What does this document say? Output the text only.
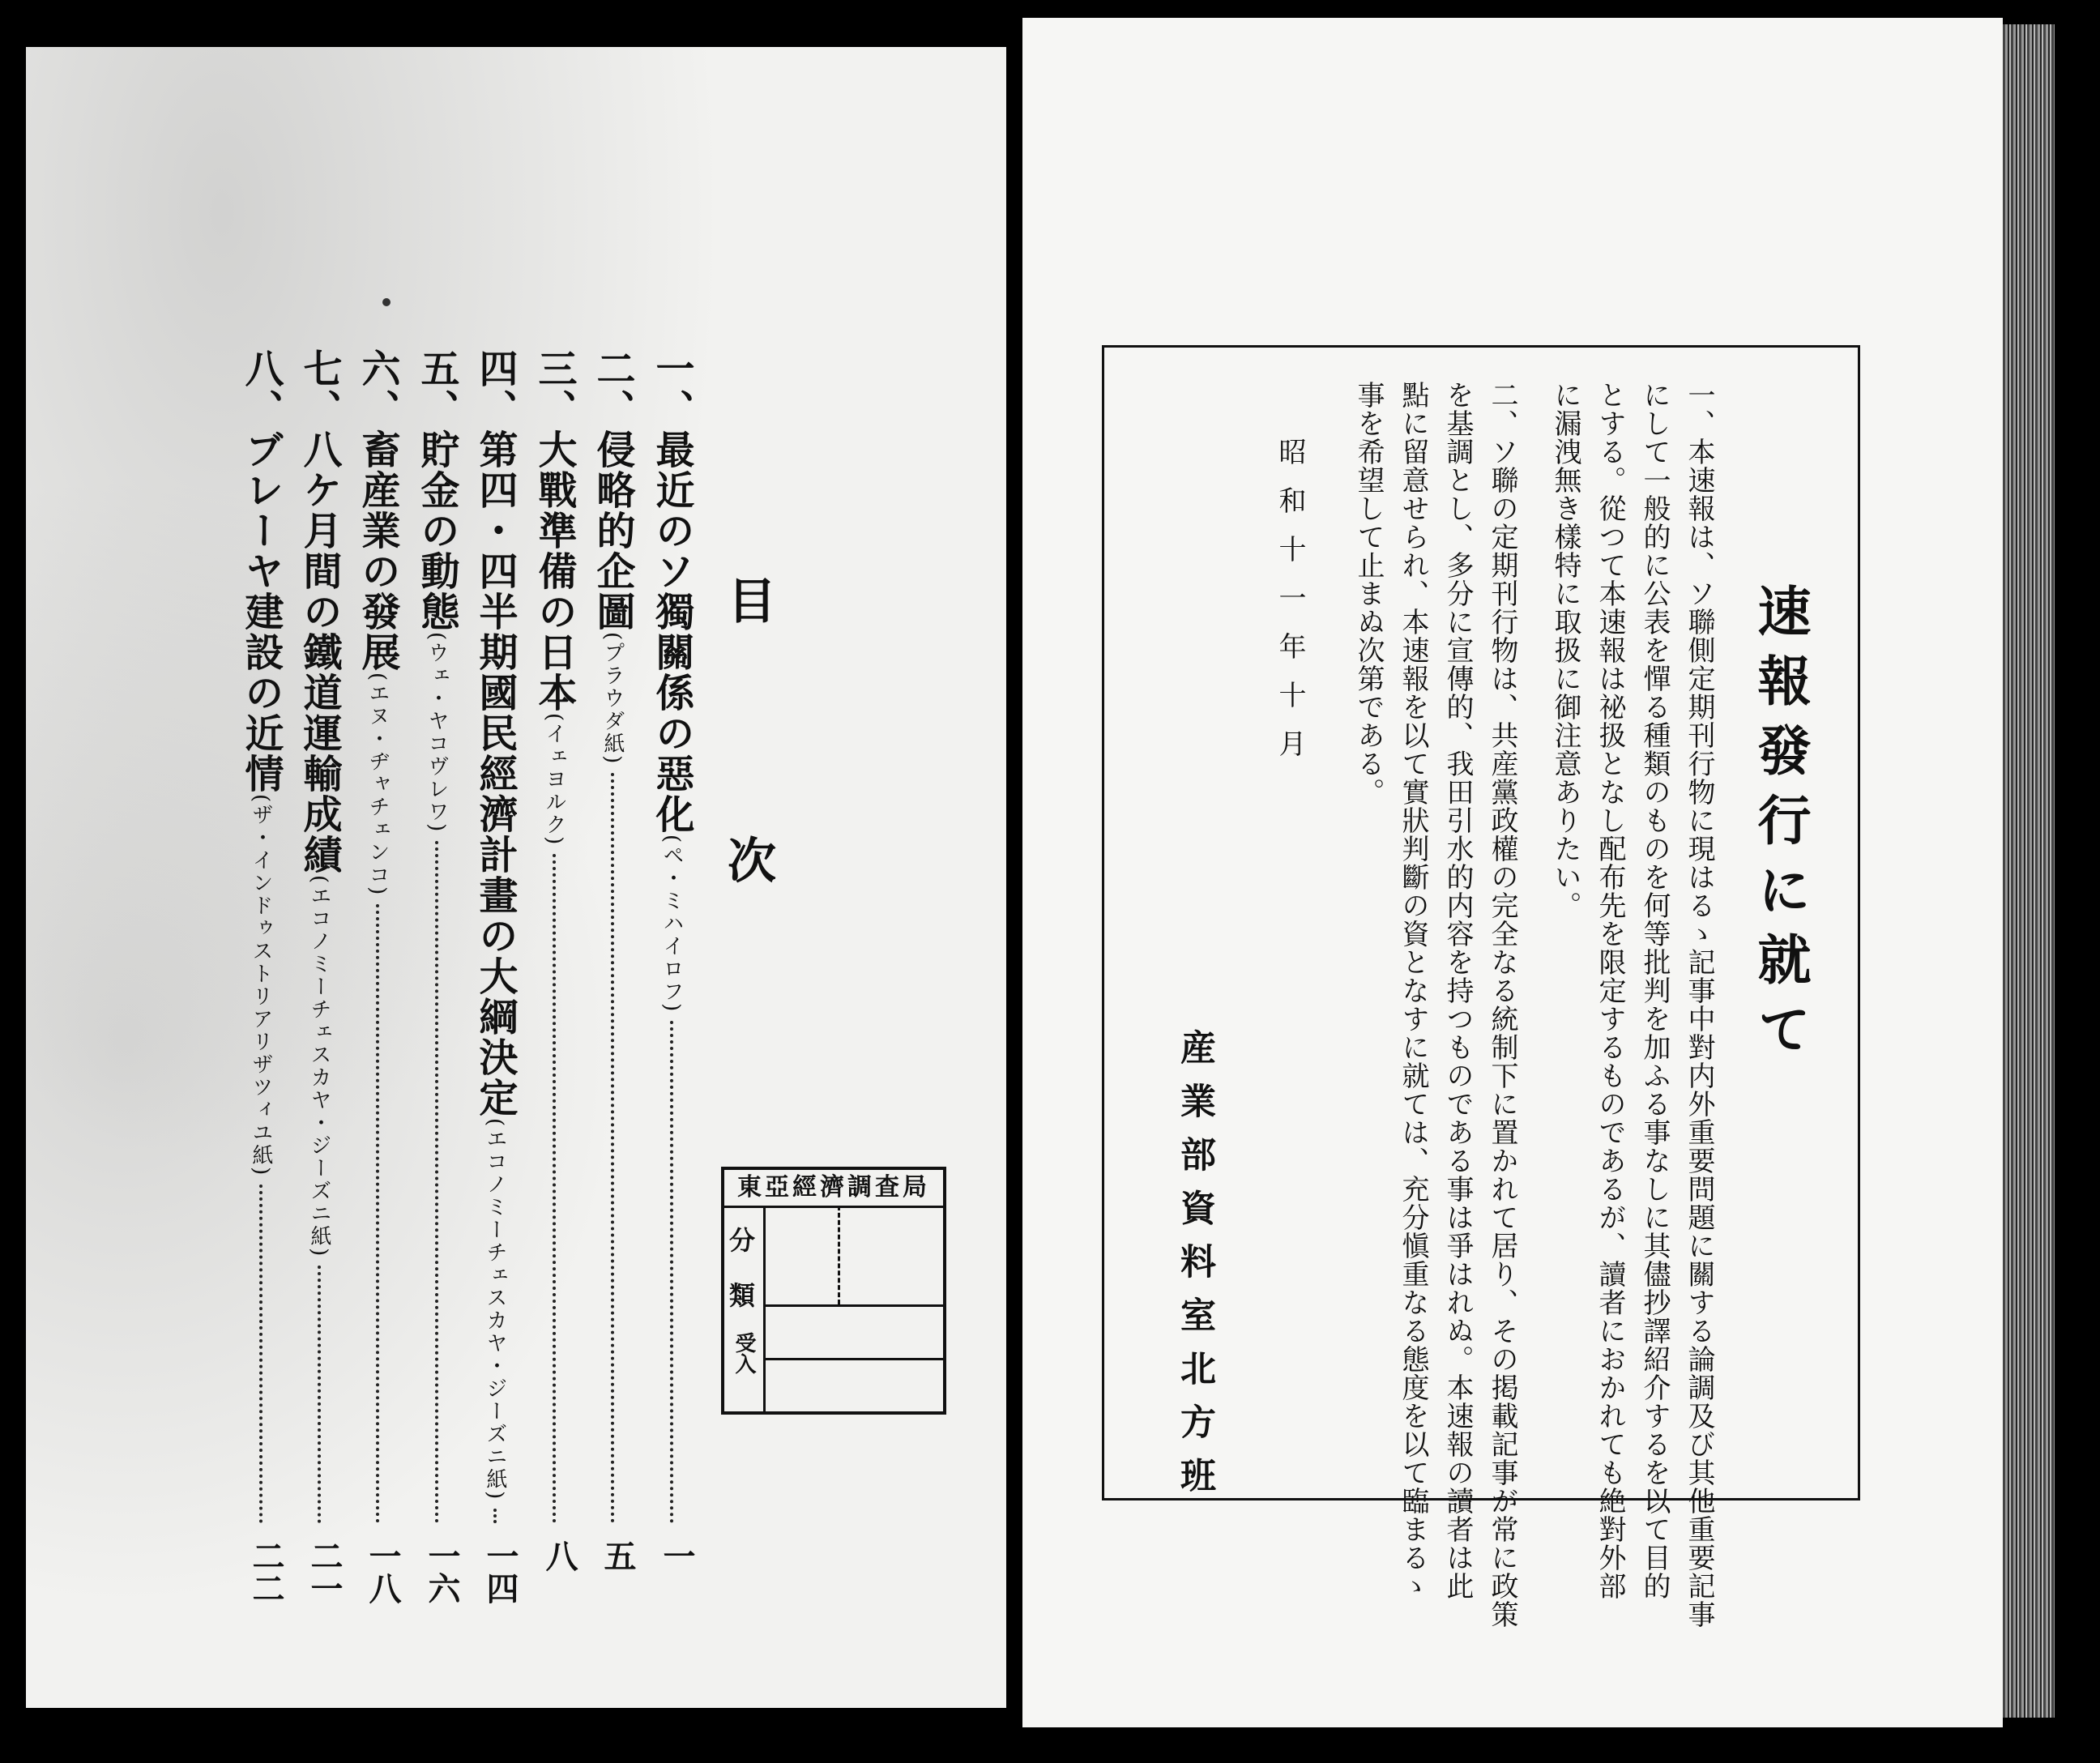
目 次
一、最近のソ獨關係の惡化(ペ・ミハイロフ)
一
二、侵略的企圖(プラウダ紙)
五
三、大戰準備の日本(イェヨルク)
八
四、第四・四半期國民經濟計畫の大綱決定(エコノミーチェスカヤ・ジーズニ紙)
一四
五、貯金の動態(ウェ・ヤコヴレワ)
一六
六、畜産業の發展(エヌ・ヂャチェンコ)
一八
七、八ケ月間の鐵道運輸成績(エコノミーチェスカヤ・ジーズニ紙)
二一
八、ブレーヤ建設の近情(ザ・インドゥストリアリザツィユ紙)
二二
東亞經濟調査局
分
類
受入
速報發行に就て
一、本速報は、ソ聯側定期刊行物に現はるゝ記事中對内外重要問題に關する論調及び其他重要記事
にして一般的に公表を憚る種類のものを何等批判を加ふる事なしに其儘抄譯紹介するを以て目的
とする。從つて本速報は祕扱となし配布先を限定するものであるが、讀者におかれても絶對外部
に漏洩無き樣特に取扱に御注意ありたい。
二、ソ聯の定期刊行物は、共産黨政權の完全なる統制下に置かれて居り、その掲載記事が常に政策
を基調とし、多分に宣傳的、我田引水的内容を持つものである事は爭はれぬ。本速報の讀者は此
點に留意せられ、本速報を以て實狀判斷の資となすに就ては、充分愼重なる態度を以て臨まるゝ
事を希望して止まぬ次第である。
昭和十一年十月
産業部資料室北方班
